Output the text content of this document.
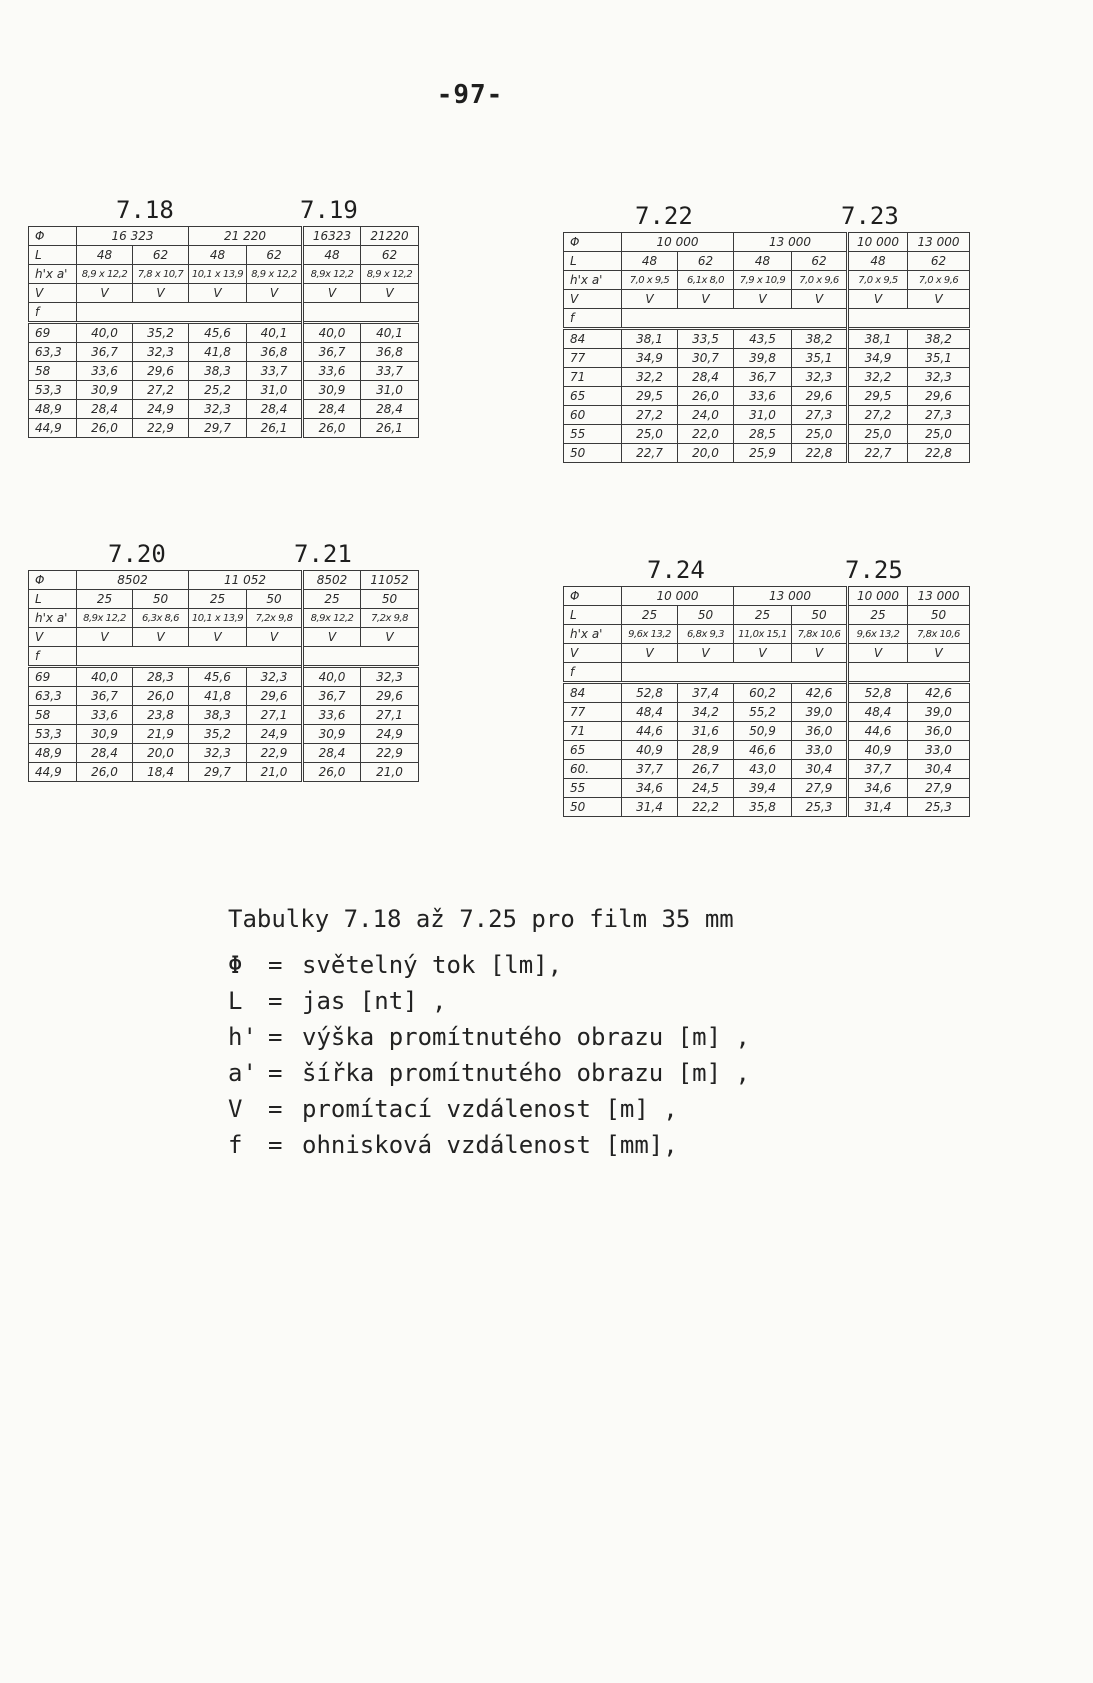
-97-
7.18	7.19
Φ	16 323		21 220		16323	21220
L	48	62	48	62	48	62
h'x a'	8,9 x 12,2	7,8 x 10,7	10,1 x 13,9	8,9 x 12,2	8,9x 12,2	8,9 x 12,2
V	V	V	V	V	V	V
f						
69	40,0	35,2	45,6	40,1	40,0	40,1
63,3	36,7	32,3	41,8	36,8	36,7	36,8
58	33,6	29,6	38,3	33,7	33,6	33,7
53,3	30,9	27,2	25,2	31,0	30,9	31,0
48,9	28,4	24,9	32,3	28,4	28,4	28,4
44,9	26,0	22,9	29,7	26,1	26,0	26,1
7.20	7.21
Φ	8502		11 052		8502	11052
L	25	50	25	50	25	50
h'x a'	8,9x 12,2	6,3x 8,6	10,1 x 13,9	7,2x 9,8	8,9x 12,2	7,2x 9,8
V	V	V	V	V	V	V
f						
69	40,0	28,3	45,6	32,3	40,0	32,3
63,3	36,7	26,0	41,8	29,6	36,7	29,6
58	33,6	23,8	38,3	27,1	33,6	27,1
53,3	30,9	21,9	35,2	24,9	30,9	24,9
48,9	28,4	20,0	32,3	22,9	28,4	22,9
44,9	26,0	18,4	29,7	21,0	26,0	21,0
7.22	7.23
Φ	10 000		13 000		10 000	13 000
L	48	62	48	62	48	62
h'x a'	7,0 x 9,5	6,1x 8,0	7,9 x 10,9	7,0 x 9,6	7,0 x 9,5	7,0 x 9,6
V	V	V	V	V	V	V
f						
84	38,1	33,5	43,5	38,2	38,1	38,2
77	34,9	30,7	39,8	35,1	34,9	35,1
71	32,2	28,4	36,7	32,3	32,2	32,3
65	29,5	26,0	33,6	29,6	29,5	29,6
60	27,2	24,0	31,0	27,3	27,2	27,3
55	25,0	22,0	28,5	25,0	25,0	25,0
50	22,7	20,0	25,9	22,8	22,7	22,8
7.24	7.25
Φ	10 000		13 000		10 000	13 000
L	25	50	25	50	25	50
h'x a'	9,6x 13,2	6,8x 9,3	11,0x 15,1	7,8x 10,6	9,6x 13,2	7,8x 10,6
V	V	V	V	V	V	V
f						
84	52,8	37,4	60,2	42,6	52,8	42,6
77	48,4	34,2	55,2	39,0	48,4	39,0
71	44,6	31,6	50,9	36,0	44,6	36,0
65	40,9	28,9	46,6	33,0	40,9	33,0
60.	37,7	26,7	43,0	30,4	37,7	30,4
55	34,6	24,5	39,4	27,9	34,6	27,9
50	31,4	22,2	35,8	25,3	31,4	25,3
Tabulky 7.18 až 7.25 pro film 35 mm
Φ	= světelný tok [lm],
L	= jas [nt] ,
h' = výška promítnutého obrazu [m] ,
a' = šířka promítnutého obrazu [m] ,
V	= promítací vzdálenost [m] ,
f	= ohnisková vzdálenost [mm],
